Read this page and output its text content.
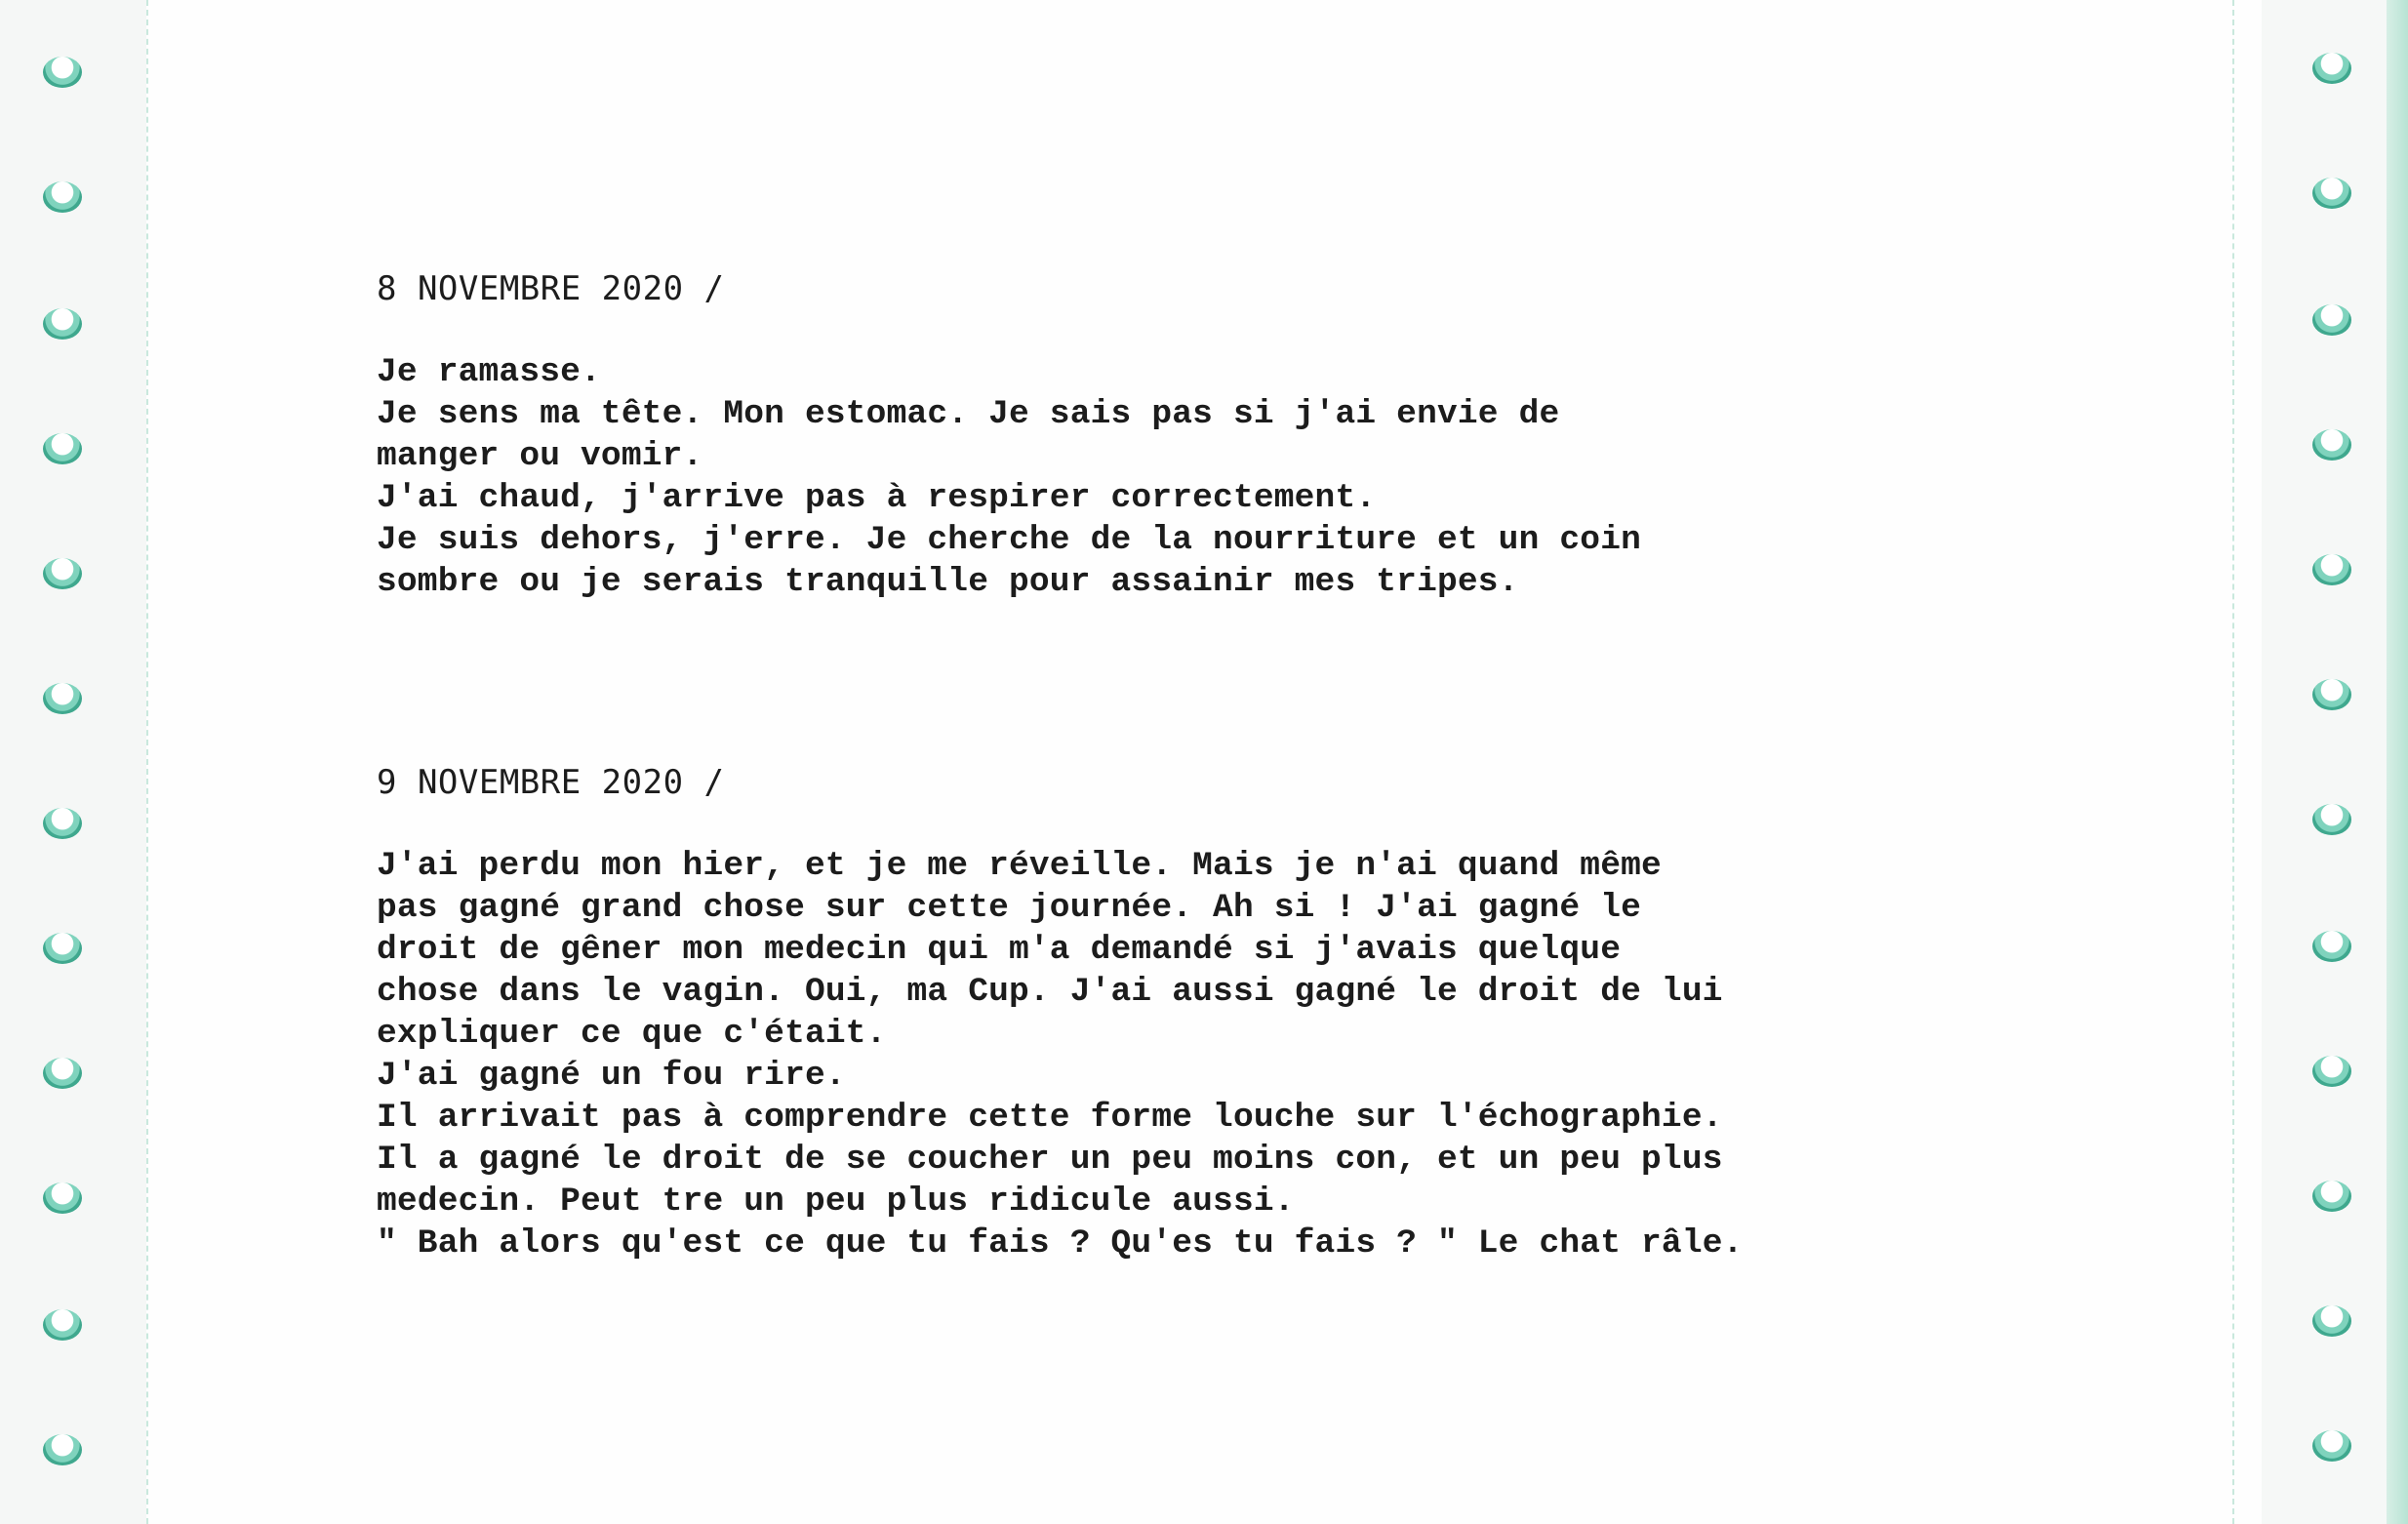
8 NOVEMBRE 2020 /

Je ramasse.
Je sens ma tête. Mon estomac. Je sais pas si j'ai envie de
manger ou vomir.
J'ai chaud, j'arrive pas à respirer correctement.
Je suis dehors, j'erre. Je cherche de la nourriture et un coin
sombre ou je serais tranquille pour assainir mes tripes.

9 NOVEMBRE 2020 /

J'ai perdu mon hier, et je me réveille. Mais je n'ai quand même
pas gagné grand chose sur cette journée. Ah si ! J'ai gagné le
droit de gêner mon medecin qui m'a demandé si j'avais quelque
chose dans le vagin. Oui, ma Cup. J'ai aussi gagné le droit de lui
expliquer ce que c'était.
J'ai gagné un fou rire.
Il arrivait pas à comprendre cette forme louche sur l'échographie.
Il a gagné le droit de se coucher un peu moins con, et un peu plus
medecin. Peut tre un peu plus ridicule aussi.
" Bah alors qu'est ce que tu fais ? Qu'es tu fais ? " Le chat râle.
